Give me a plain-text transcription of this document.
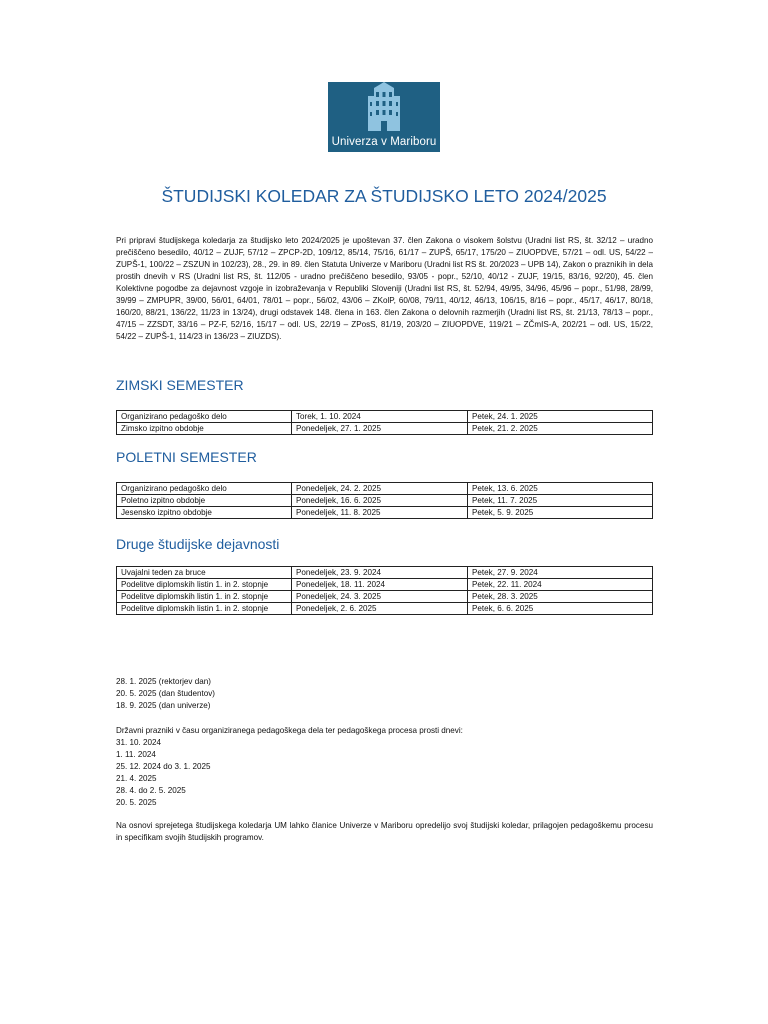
Univerza v Mariboru
ŠTUDIJSKI KOLEDAR ZA ŠTUDIJSKO LETO 2024/2025
Pri pripravi študijskega koledarja za študijsko leto 2024/2025 je upoštevan 37. člen Zakona o visokem šolstvu (Uradni list RS, št. 32/12 – uradno prečiščeno besedilo, 40/12 – ZUJF, 57/12 – ZPCP-2D, 109/12, 85/14, 75/16, 61/17 – ZUPŠ, 65/17, 175/20 – ZIUOPDVE, 57/21 – odl. US, 54/22 – ZUPŠ-1, 100/22 – ZSZUN in 102/23), 28., 29. in 89. člen Statuta Univerze v Mariboru (Uradni list RS št. 20/2023 – UPB 14), Zakon o praznikih in dela prostih dnevih v RS (Uradni list RS, št. 112/05 - uradno prečiščeno besedilo, 93/05 - popr., 52/10, 40/12 - ZUJF, 19/15, 83/16, 92/20), 45. člen Kolektivne pogodbe za dejavnost vzgoje in izobraževanja v Republiki Sloveniji (Uradni list RS, št. 52/94, 49/95, 34/96, 45/96 – popr., 51/98, 28/99, 39/99 – ZMPUPR, 39/00, 56/01, 64/01, 78/01 – popr., 56/02, 43/06 – ZKolP, 60/08, 79/11, 40/12, 46/13, 106/15, 8/16 – popr., 45/17, 46/17, 80/18, 160/20, 88/21, 136/22, 11/23 in 13/24), drugi odstavek 148. člena in 163. člen Zakona o delovnih razmerjih (Uradni list RS, št. 21/13, 78/13 – popr., 47/15 – ZZSDT, 33/16 – PZ-F, 52/16, 15/17 – odl. US, 22/19 – ZPosS, 81/19, 203/20 – ZIUOPDVE, 119/21 – ZČmIS-A, 202/21 – odl. US, 15/22, 54/22 – ZUPŠ-1, 114/23 in 136/23 – ZIUZDS).
ZIMSKI SEMESTER
Organizirano pedagoško delo	Torek, 1. 10. 2024	Petek, 24. 1. 2025
Zimsko izpitno obdobje	Ponedeljek, 27. 1. 2025	Petek, 21. 2. 2025
POLETNI SEMESTER
Organizirano pedagoško delo	Ponedeljek, 24. 2. 2025	Petek, 13. 6. 2025
Poletno izpitno obdobje	Ponedeljek, 16. 6. 2025	Petek, 11. 7. 2025
Jesensko izpitno obdobje	Ponedeljek, 11. 8. 2025	Petek, 5. 9. 2025
Druge študijske dejavnosti
Uvajalni teden za bruce	Ponedeljek, 23. 9. 2024	Petek, 27. 9. 2024
Podelitve diplomskih listin 1. in 2. stopnje	Ponedeljek, 18. 11. 2024	Petek, 22. 11. 2024
Podelitve diplomskih listin 1. in 2. stopnje	Ponedeljek, 24. 3. 2025	Petek, 28. 3. 2025
Podelitve diplomskih listin 1. in 2. stopnje	Ponedeljek, 2. 6. 2025	Petek, 6. 6. 2025
28. 1. 2025 (rektorjev dan)
20. 5. 2025 (dan študentov)
18. 9. 2025 (dan univerze)
Državni prazniki v času organiziranega pedagoškega dela ter pedagoškega procesa prosti dnevi:
31. 10. 2024
1. 11. 2024
25. 12. 2024 do 3. 1. 2025
21. 4. 2025
28. 4. do 2. 5. 2025
20. 5. 2025
Na osnovi sprejetega študijskega koledarja UM lahko članice Univerze v Mariboru opredelijo svoj študijski koledar, prilagojen pedagoškemu procesu in specifikam svojih študijskih programov.
